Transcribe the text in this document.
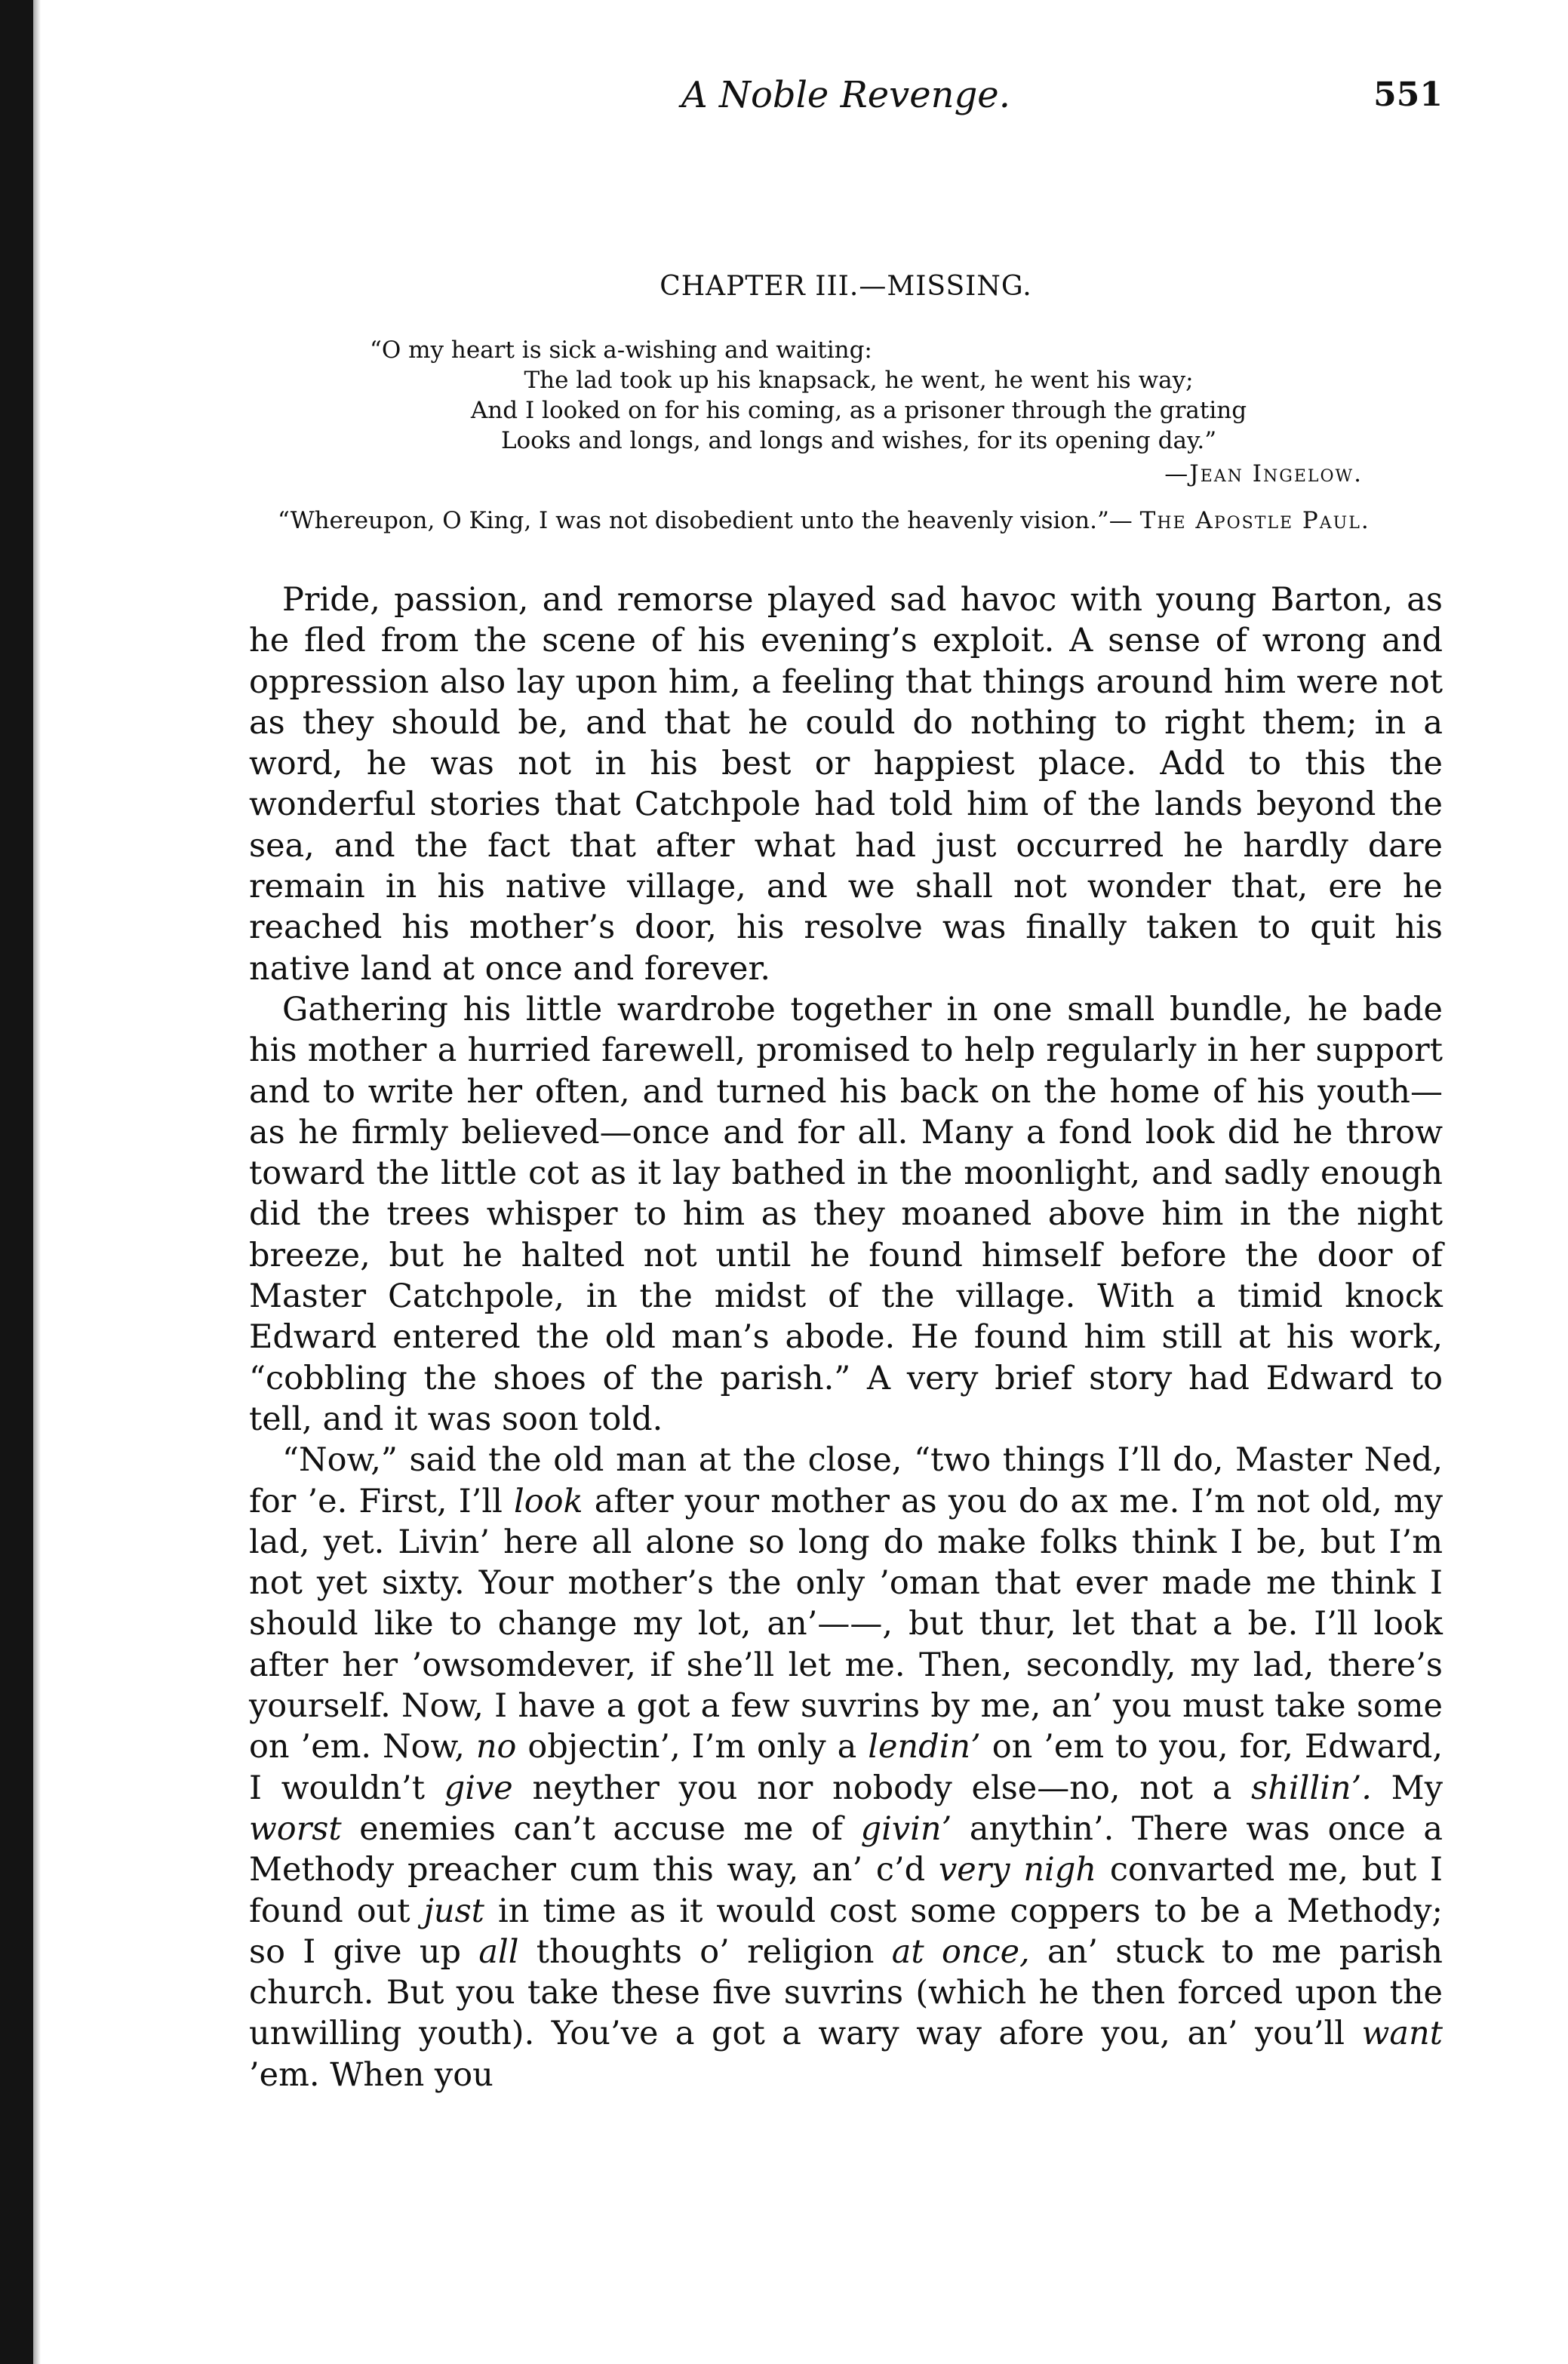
A Noble Revenge.	551
CHAPTER III.—MISSING.
“O my heart is sick a-wishing and waiting:
The lad took up his knapsack, he went, he went his way;
And I looked on for his coming, as a prisoner through the grating
Looks and longs, and longs and wishes, for its opening day.”
—Jean Ingelow.
“Whereupon, O King, I was not disobedient unto the heavenly vision.”— The Apostle Paul.

Pride, passion, and remorse played sad havoc with young Barton, as he fled from the scene of his evening’s exploit. A sense of wrong and oppression also lay upon him, a feeling that things around him were not as they should be, and that he could do nothing to right them; in a word, he was not in his best or happiest place. Add to this the wonderful stories that Catchpole had told him of the lands beyond the sea, and the fact that after what had just occurred he hardly dare remain in his native village, and we shall not wonder that, ere he reached his mother’s door, his resolve was finally taken to quit his native land at once and forever.

Gathering his little wardrobe together in one small bundle, he bade his mother a hurried farewell, promised to help regularly in her support and to write her often, and turned his back on the home of his youth—as he firmly believed—once and for all. Many a fond look did he throw toward the little cot as it lay bathed in the moonlight, and sadly enough did the trees whisper to him as they moaned above him in the night breeze, but he halted not until he found himself before the door of Master Catchpole, in the midst of the village. With a timid knock Edward entered the old man’s abode. He found him still at his work, “cobbling the shoes of the parish.” A very brief story had Edward to tell, and it was soon told.

“Now,” said the old man at the close, “two things I’ll do, Master Ned, for ’e. First, I’ll look after your mother as you do ax me. I’m not old, my lad, yet. Livin’ here all alone so long do make folks think I be, but I’m not yet sixty. Your mother’s the only ’oman that ever made me think I should like to change my lot, an’——, but thur, let that a be. I’ll look after her ’owsomdever, if she’ll let me. Then, secondly, my lad, there’s yourself. Now, I have a got a few suvrins by me, an’ you must take some on ’em. Now, no objectin’, I’m only a lendin’ on ’em to you, for, Edward, I wouldn’t give neyther you nor nobody else—no, not a shillin’. My worst enemies can’t accuse me of givin’ anythin’. There was once a Methody preacher cum this way, an’ c’d very nigh convarted me, but I found out just in time as it would cost some coppers to be a Methody; so I give up all thoughts o’ religion at once, an’ stuck to me parish church. But you take these five suvrins (which he then forced upon the unwilling youth). You’ve a got a wary way afore you, an’ you’ll want ’em. When you
